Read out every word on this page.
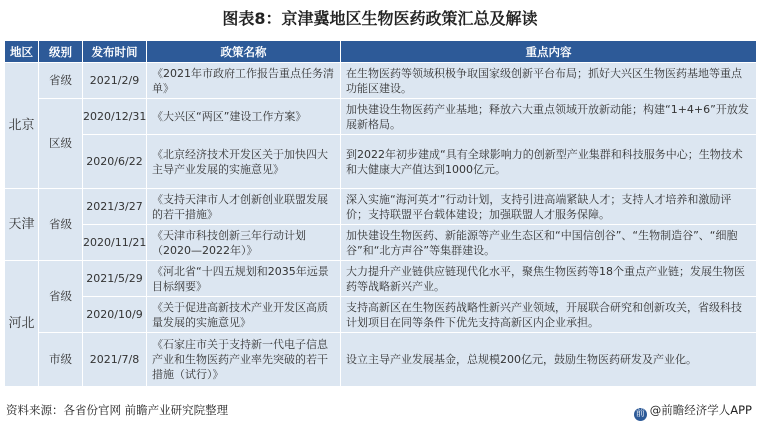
图表8：京津冀地区生物医药政策汇总及解读
地区	级别	发布时间	政策名称	重点内容
北京	省级	2021/2/9	《2021年市政府工作报告重点任务清单》	在生物医药等领域积极争取国家级创新平台布局；抓好大兴区生物医药基地等重点功能区建设。
	区级	2020/12/31	《大兴区“两区”建设工作方案》	加快建设生物医药产业基地；释放六大重点领域开放新动能；构建“1+4+6”开放发展新格局。
		2020/6/22	《北京经济技术开发区关于加快四大主导产业发展的实施意见》	到2022年初步建成“具有全球影响力的创新型产业集群和科技服务中心；生物技术和大健康大产值达到1000亿元。
天津	省级	2021/3/27	《支持天津市人才创新创业联盟发展的若干措施》	深入实施“海河英才”行动计划，支持引进高端紧缺人才；支持人才培养和激励评价；支持联盟平台载体建设；加强联盟人才服务保障。
		2020/11/21	《天津市科技创新三年行动计划（2020—2022年）》	加快建设生物医药、新能源等产业生态区和“中国信创谷”、“生物制造谷”、“细胞谷”和“北方声谷”等集群建设。
河北	省级	2021/5/29	《河北省“十四五规划和2035年远景目标纲要》	大力提升产业链供应链现代化水平，聚焦生物医药等18个重点产业链；发展生物医药等战略新兴产业。
		2020/10/9	《关于促进高新技术产业开发区高质量发展的实施意见》	支持高新区在生物医药战略性新兴产业领域，开展联合研究和创新攻关，省级科技计划项目在同等条件下优先支持高新区内企业承担。
	市级	2021/7/8	《石家庄市关于支持新一代电子信息产业和生物医药产业率先突破的若干措施（试行）》	设立主导产业发展基金，总规模200亿元，鼓励生物医药研发及产业化。
资料来源：各省份官网 前瞻产业研究院整理	前 @前瞻经济学人APP
